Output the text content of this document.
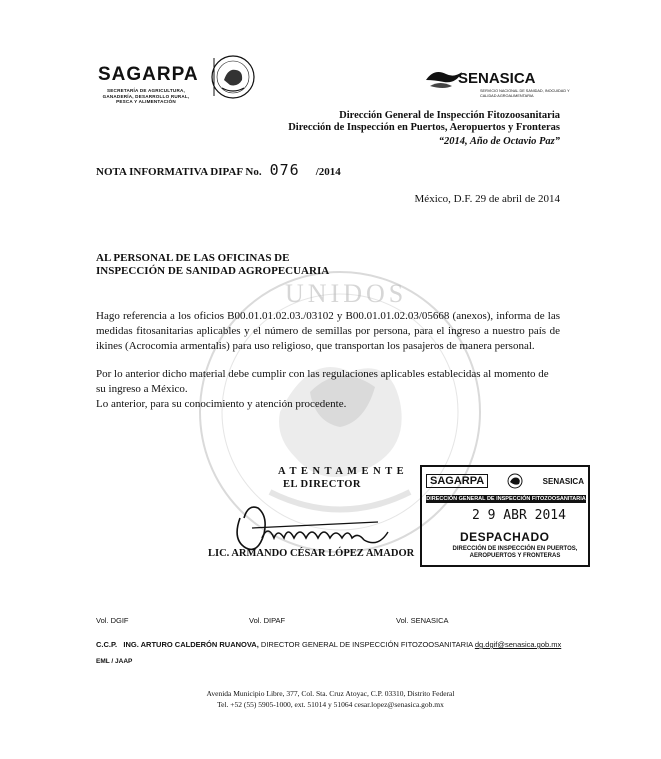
UNIDOS
SAGARPA
SECRETARÍA DE AGRICULTURA, GANADERÍA, DESARROLLO RURAL, PESCA Y ALIMENTACIÓN
SENASICA
SERVICIO NACIONAL DE SANIDAD, INOCUIDAD Y CALIDAD AGROALIMENTARIA
Dirección General de Inspección Fitozoosanitaria
Dirección de Inspección en Puertos, Aeropuertos y Fronteras
“2014, Año de Octavio Paz”
NOTA INFORMATIVA DIPAF No. 076 /2014
México, D.F. 29 de abril de 2014
AL PERSONAL DE LAS OFICINAS DE
INSPECCIÓN DE SANIDAD AGROPECUARIA

Hago referencia a los oficios B00.01.01.02.03./03102 y B00.01.01.02.03/05668 (anexos), informa de las medidas fitosanitarias aplicables y el número de semillas por persona, para el ingreso a nuestro país de ikines (Acrocomia armentalis) para uso religioso, que transportan los pasajeros de manera personal.

Por lo anterior dicho material debe cumplir con las regulaciones aplicables establecidas al momento de su ingreso a México.

Lo anterior, para su conocimiento y atención procedente.

A T E N T A M E N T E
EL DIRECTOR
LIC. ARMANDO CÉSAR LÓPEZ AMADOR
SAGARPA	SENASICA
DIRECCIÓN GENERAL DE INSPECCIÓN FITOZOOSANITARIA
2 9 ABR 2014
DESPACHADO
DIRECCIÓN DE INSPECCIÓN EN PUERTOS, AEROPUERTOS Y FRONTERAS
Vol. DGIF	Vol. DIPAF	Vol. SENASICA
C.C.P. ING. ARTURO CALDERÓN RUANOVA, DIRECTOR GENERAL DE INSPECCIÓN FITOZOOSANITARIA dg.dgif@senasica.gob.mx
EML / JAAP
Avenida Municipio Libre, 377, Col. Sta. Cruz Atoyac, C.P. 03310, Distrito Federal
Tel. +52 (55) 5905-1000, ext. 51014 y 51064 cesar.lopez@senasica.gob.mx
